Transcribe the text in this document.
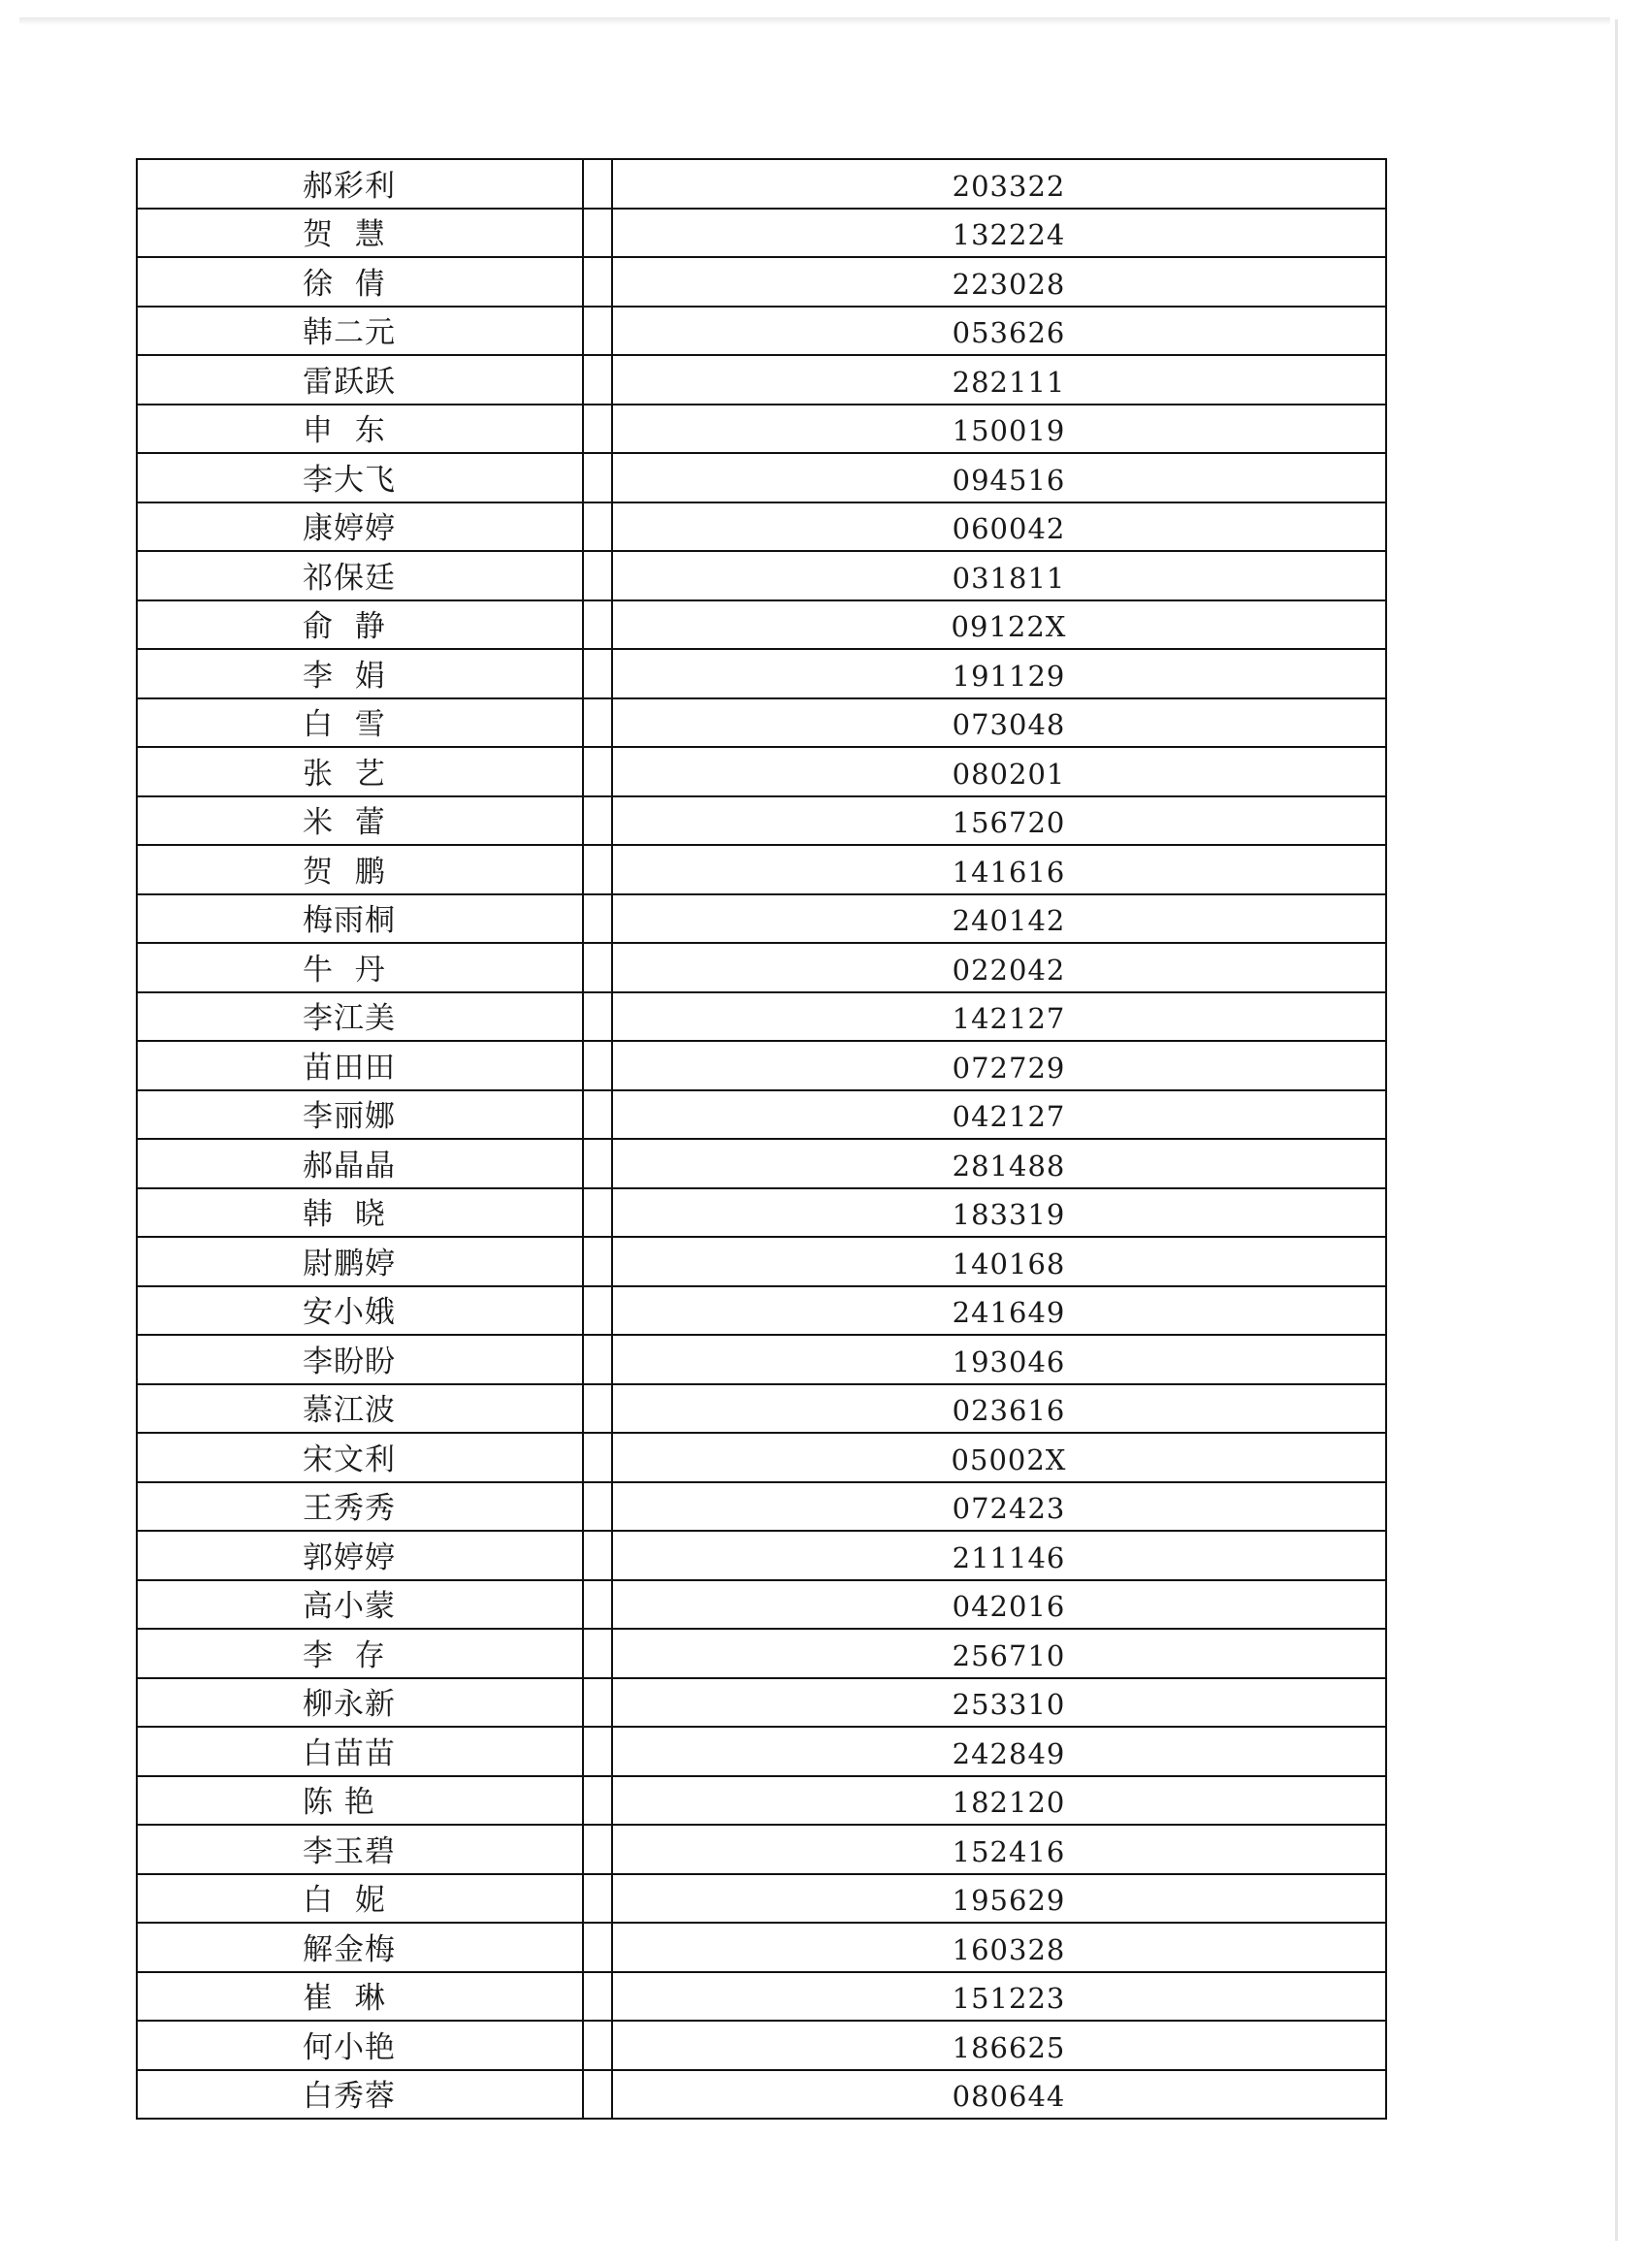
郝彩利		203322
贺  慧		132224
徐  倩		223028
韩二元		053626
雷跃跃		282111
申  东		150019
李大飞		094516
康婷婷		060042
祁保廷		031811
俞  静		09122X
李  娟		191129
白  雪		073048
张  艺		080201
米  蕾		156720
贺  鹏		141616
梅雨桐		240142
牛  丹		022042
李江美		142127
苗田田		072729
李丽娜		042127
郝晶晶		281488
韩  晓		183319
尉鹏婷		140168
安小娥		241649
李盼盼		193046
慕江波		023616
宋文利		05002X
王秀秀		072423
郭婷婷		211146
高小蒙		042016
李  存		256710
柳永新		253310
白苗苗		242849
陈 艳		182120
李玉碧		152416
白  妮		195629
解金梅		160328
崔  琳		151223
何小艳		186625
白秀蓉		080644
